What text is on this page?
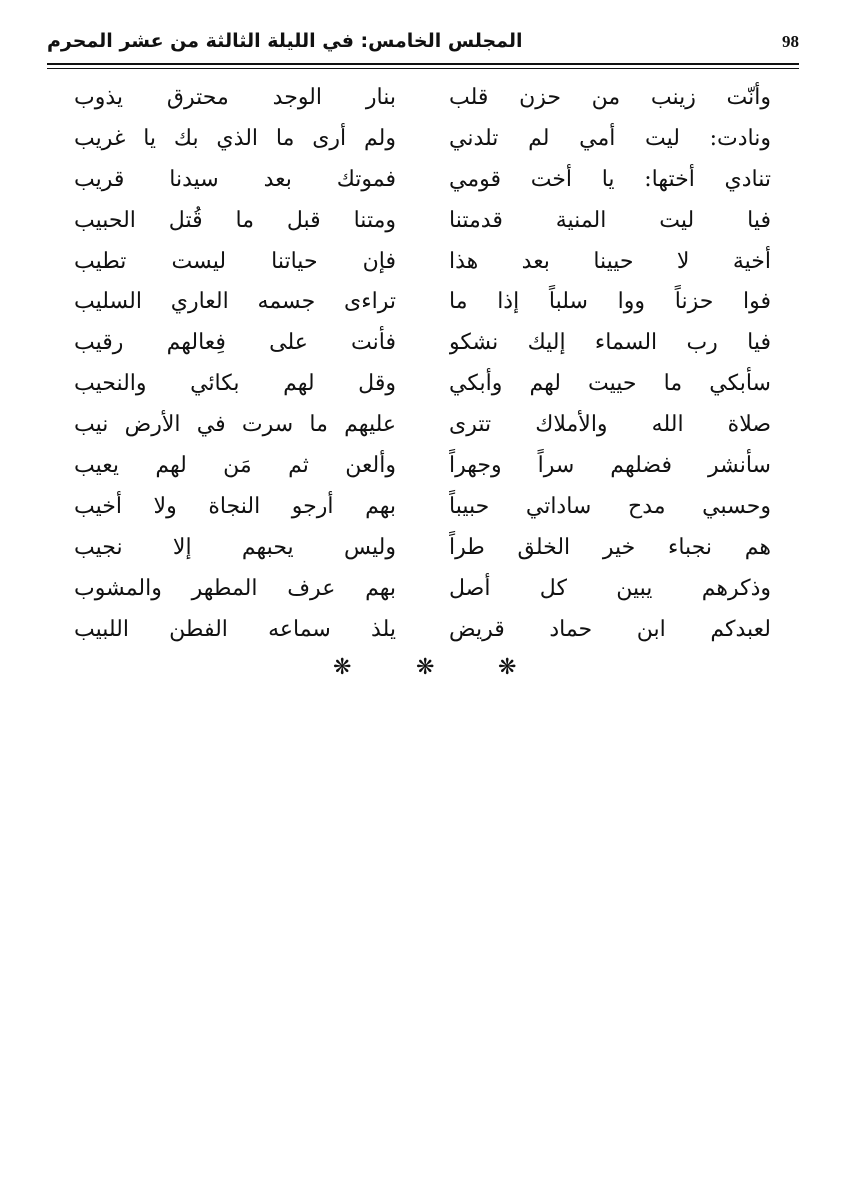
98
المجلس الخامس: في الليلة الثالثة من عشر المحرم
وأنّت زينب من حزن قلب
بنار الوجد محترق يذوب
ونادت: ليت أمي لم تلدني
ولم أرى ما الذي بك يا غريب
تنادي أختها: يا أخت قومي
فموتك بعد سيدنا قريب
فيا ليت المنية قدمتنا
ومتنا قبل ما قُتل الحبيب
أخية لا حيينا بعد هذا
فإن حياتنا ليست تطيب
فوا حزناً ووا سلباً إذا ما
تراءى جسمه العاري السليب
فيا رب السماء إليك نشكو
فأنت على فِعالهم رقيب
سأبكي ما حييت لهم وأبكي
وقل لهم بكائي والنحيب
صلاة الله والأملاك تترى
عليهم ما سرت في الأرض نيب
سأنشر فضلهم سراً وجهراً
وألعن ثم مَن لهم يعيب
وحسبي مدح ساداتي حبيباً
بهم أرجو النجاة ولا أخيب
هم نجباء خير الخلق طراً
وليس يحبهم إلا نجيب
وذكرهم يبين كل أصل
بهم عرف المطهر والمشوب
لعبدكم ابن حماد قريض
يلذ سماعه الفطن اللبيب
❋	❋	❋
